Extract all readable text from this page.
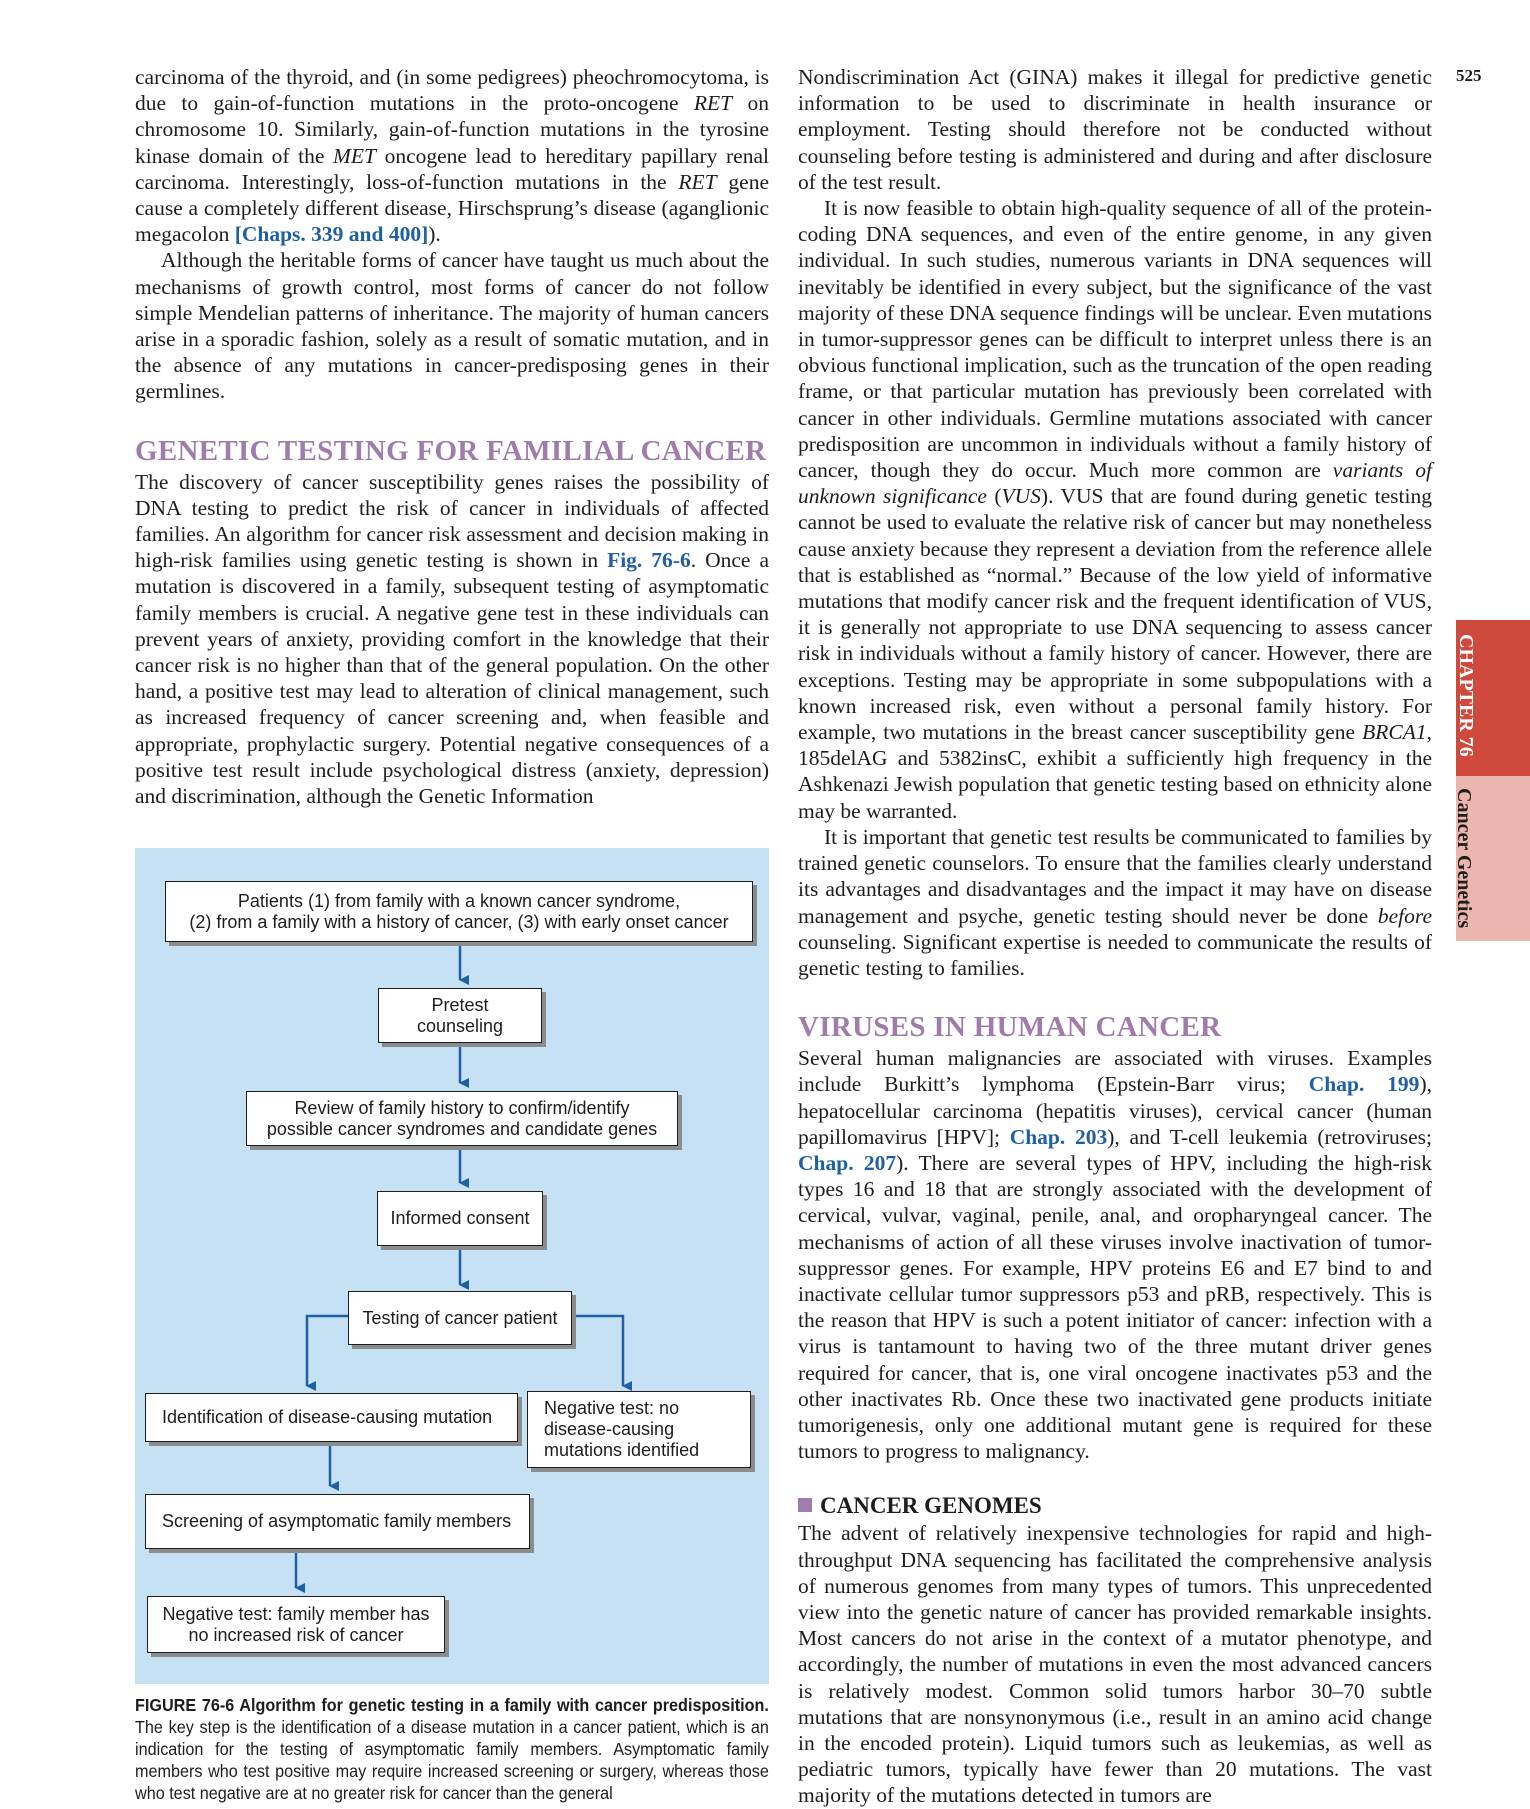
carcinoma of the thyroid, and (in some pedigrees) pheochromocytoma, is due to gain-of-function mutations in the proto-oncogene RET on chromosome 10. Similarly, gain-of-function mutations in the tyrosine kinase domain of the MET oncogene lead to hereditary papillary renal carcinoma. Interestingly, loss-of-function mutations in the RET gene cause a completely different disease, Hirschsprung’s disease (aganglionic megacolon [Chaps. 339 and 400]).

Although the heritable forms of cancer have taught us much about the mechanisms of growth control, most forms of cancer do not follow simple Mendelian patterns of inheritance. The majority of human cancers arise in a sporadic fashion, solely as a result of somatic mutation, and in the absence of any mutations in cancer-predisposing genes in their germlines.

GENETIC TESTING FOR FAMILIAL CANCER

The discovery of cancer susceptibility genes raises the possibility of DNA testing to predict the risk of cancer in individuals of affected families. An algorithm for cancer risk assessment and decision making in high-risk families using genetic testing is shown in Fig. 76-6. Once a mutation is discovered in a family, subsequent testing of asymptomatic family members is crucial. A negative gene test in these individuals can prevent years of anxiety, providing comfort in the knowledge that their cancer risk is no higher than that of the general population. On the other hand, a positive test may lead to alteration of clinical management, such as increased frequency of cancer screening and, when feasible and appropriate, prophylactic surgery. Potential negative consequences of a positive test result include psychological distress (anxiety, depression) and discrimination, although the Genetic Information

Patients (1) from family with a known cancer syndrome,
(2) from a family with a history of cancer, (3) with early onset cancer
Pretest counseling
Review of family history to confirm/identify
possible cancer syndromes and candidate genes
Informed consent
Testing of cancer patient
Identification of disease-causing mutation	Negative test: no
disease-causing
mutations identified
Screening of asymptomatic family members
Negative test: family member has
no increased risk of cancer
FIGURE 76-6 Algorithm for genetic testing in a family with cancer predisposition. The key step is the identification of a disease mutation in a cancer patient, which is an indication for the testing of asymptomatic family members. Asymptomatic family members who test positive may require increased screening or surgery, whereas those who test negative are at no greater risk for cancer than the general

Nondiscrimination Act (GINA) makes it illegal for predictive genetic information to be used to discriminate in health insurance or employment. Testing should therefore not be conducted without counseling before testing is administered and during and after disclosure of the test result.

It is now feasible to obtain high-quality sequence of all of the protein-coding DNA sequences, and even of the entire genome, in any given individual. In such studies, numerous variants in DNA sequences will inevitably be identified in every subject, but the significance of the vast majority of these DNA sequence findings will be unclear. Even mutations in tumor-suppressor genes can be difficult to interpret unless there is an obvious functional implication, such as the truncation of the open reading frame, or that particular mutation has previously been correlated with cancer in other individuals. Germline mutations associated with cancer predisposition are uncommon in individuals without a family history of cancer, though they do occur. Much more common are variants of unknown significance (VUS). VUS that are found during genetic testing cannot be used to evaluate the relative risk of cancer but may nonetheless cause anxiety because they represent a deviation from the reference allele that is established as “normal.” Because of the low yield of informative mutations that modify cancer risk and the frequent identification of VUS, it is generally not appropriate to use DNA sequencing to assess cancer risk in individuals without a family history of cancer. However, there are exceptions. Testing may be appropriate in some subpopulations with a known increased risk, even without a personal family history. For example, two mutations in the breast cancer susceptibility gene BRCA1, 185delAG and 5382insC, exhibit a sufficiently high frequency in the Ashkenazi Jewish population that genetic testing based on ethnicity alone may be warranted.

It is important that genetic test results be communicated to families by trained genetic counselors. To ensure that the families clearly understand its advantages and disadvantages and the impact it may have on disease management and psyche, genetic testing should never be done before counseling. Significant expertise is needed to communicate the results of genetic testing to families.

VIRUSES IN HUMAN CANCER

Several human malignancies are associated with viruses. Examples include Burkitt’s lymphoma (Epstein-Barr virus; Chap. 199), hepatocellular carcinoma (hepatitis viruses), cervical cancer (human papillomavirus [HPV]; Chap. 203), and T-cell leukemia (retroviruses; Chap. 207). There are several types of HPV, including the high-risk types 16 and 18 that are strongly associated with the development of cervical, vulvar, vaginal, penile, anal, and oropharyngeal cancer. The mechanisms of action of all these viruses involve inactivation of tumor-suppressor genes. For example, HPV proteins E6 and E7 bind to and inactivate cellular tumor suppressors p53 and pRB, respectively. This is the reason that HPV is such a potent initiator of cancer: infection with a virus is tantamount to having two of the three mutant driver genes required for cancer, that is, one viral oncogene inactivates p53 and the other inactivates Rb. Once these two inactivated gene products initiate tumorigenesis, only one additional mutant gene is required for these tumors to progress to malignancy.

CANCER GENOMES

The advent of relatively inexpensive technologies for rapid and high-throughput DNA sequencing has facilitated the comprehensive analysis of numerous genomes from many types of tumors. This unprecedented view into the genetic nature of cancer has provided remarkable insights. Most cancers do not arise in the context of a mutator phenotype, and accordingly, the number of mutations in even the most advanced cancers is relatively modest. Common solid tumors harbor 30–70 subtle mutations that are nonsynonymous (i.e., result in an amino acid change in the encoded protein). Liquid tumors such as leukemias, as well as pediatric tumors, typically have fewer than 20 mutations. The vast majority of the mutations detected in tumors are

525
CHAPTER 76
Cancer Genetics
